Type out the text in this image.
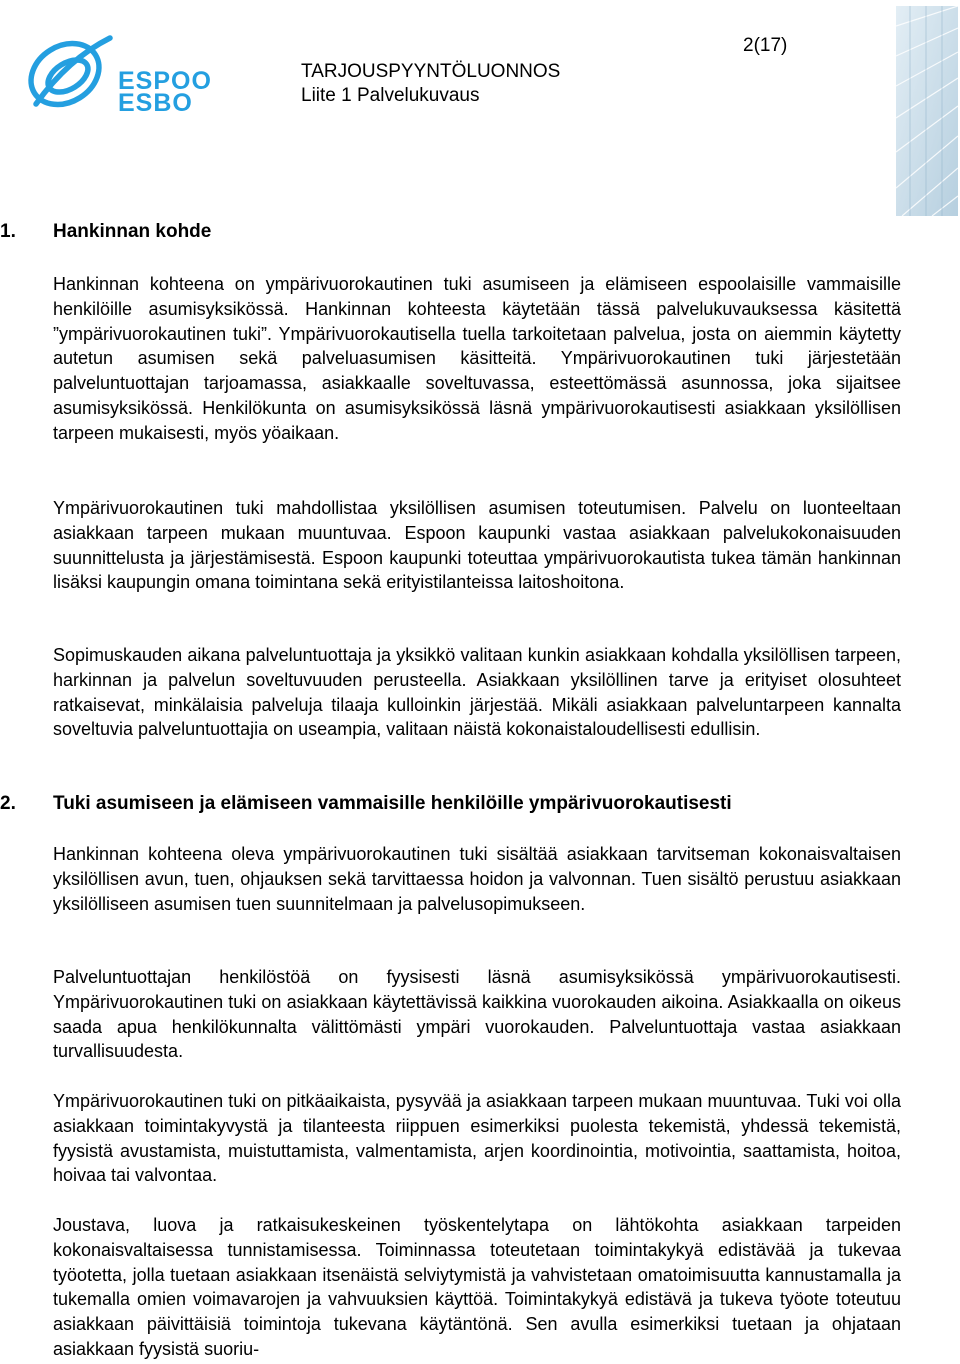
ESPOO
ESBO
TARJOUSPYYNTÖLUONNOS
Liite 1 Palvelukuvaus
2(17)
1. Hankinnan kohde
Hankinnan kohteena on ympärivuorokautinen tuki asumiseen ja elämiseen espoolaisille vammaisille henkilöille asumisyksikössä. Hankinnan kohteesta käytetään tässä palvelukuvauksessa käsitettä ”ympärivuorokautinen tuki”. Ympärivuorokautisella tuella tarkoitetaan palvelua, josta on aiemmin käytetty autetun asumisen sekä palveluasumisen käsitteitä. Ympärivuorokautinen tuki järjestetään palveluntuottajan tarjoamassa, asiakkaalle soveltuvassa, esteettömässä asunnossa, joka sijaitsee asumisyksikössä. Henkilökunta on asumisyksikössä läsnä ympärivuorokautisesti asiakkaan yksilöllisen tarpeen mukaisesti, myös yöaikaan.
Ympärivuorokautinen tuki mahdollistaa yksilöllisen asumisen toteutumisen. Palvelu on luonteeltaan asiakkaan tarpeen mukaan muuntuvaa. Espoon kaupunki vastaa asiakkaan palvelukokonaisuuden suunnittelusta ja järjestämisestä. Espoon kaupunki toteuttaa ympärivuorokautista tukea tämän hankinnan lisäksi kaupungin omana toimintana sekä erityistilanteissa laitoshoitona.
Sopimuskauden aikana palveluntuottaja ja yksikkö valitaan kunkin asiakkaan kohdalla yksilöllisen tarpeen, harkinnan ja palvelun soveltuvuuden perusteella. Asiakkaan yksilöllinen tarve ja erityiset olosuhteet ratkaisevat, minkälaisia palveluja tilaaja kulloinkin järjestää. Mikäli asiakkaan palveluntarpeen kannalta soveltuvia palveluntuottajia on useampia, valitaan näistä kokonaistaloudellisesti edullisin.
2. Tuki asumiseen ja elämiseen vammaisille henkilöille ympärivuorokautisesti
Hankinnan kohteena oleva ympärivuorokautinen tuki sisältää asiakkaan tarvitseman kokonaisvaltaisen yksilöllisen avun, tuen, ohjauksen sekä tarvittaessa hoidon ja valvonnan. Tuen sisältö perustuu asiakkaan yksilölliseen asumisen tuen suunnitelmaan ja palvelusopimukseen.
Palveluntuottajan henkilöstöä on fyysisesti läsnä asumisyksikössä ympärivuorokautisesti. Ympärivuorokautinen tuki on asiakkaan käytettävissä kaikkina vuorokauden aikoina. Asiakkaalla on oikeus saada apua henkilökunnalta välittömästi ympäri vuorokauden. Palveluntuottaja vastaa asiakkaan turvallisuudesta.
Ympärivuorokautinen tuki on pitkäaikaista, pysyvää ja asiakkaan tarpeen mukaan muuntuvaa. Tuki voi olla asiakkaan toimintakyvystä ja tilanteesta riippuen esimerkiksi puolesta tekemistä, yhdessä tekemistä, fyysistä avustamista, muistuttamista, valmentamista, arjen koordinointia, motivointia, saattamista, hoitoa, hoivaa tai valvontaa.
Joustava, luova ja ratkaisukeskeinen työskentelytapa on lähtökohta asiakkaan tarpeiden kokonaisvaltaisessa tunnistamisessa. Toiminnassa toteutetaan toimintakykyä edistävää ja tukevaa työotetta, jolla tuetaan asiakkaan itsenäistä selviytymistä ja vahvistetaan omatoimisuutta kannustamalla ja tukemalla omien voimavarojen ja vahvuuksien käyttöä. Toimintakykyä edistävä ja tukeva työote toteutuu asiakkaan päivittäisiä toimintoja tukevana käytäntönä. Sen avulla esimerkiksi tuetaan ja ohjataan asiakkaan fyysistä suoriu-
